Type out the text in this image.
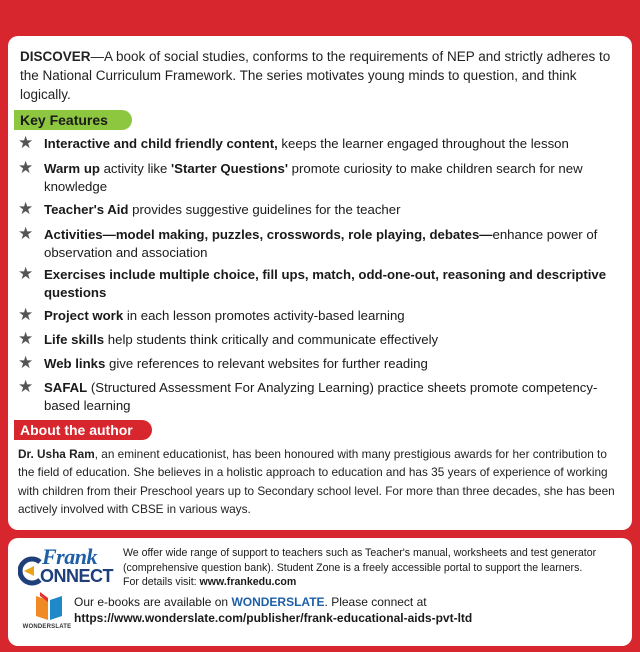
DISCOVER—A book of social studies, conforms to the requirements of NEP and strictly adheres to the National Curriculum Framework. The series motivates young minds to question, and think logically.
Key Features
★ Interactive and child friendly content, keeps the learner engaged throughout the lesson
★ Warm up activity like 'Starter Questions' promote curiosity to make children search for new knowledge
★ Teacher's Aid provides suggestive guidelines for the teacher
★ Activities—model making, puzzles, crosswords, role playing, debates—enhance power of observation and association
★ Exercises include multiple choice, fill ups, match, odd-one-out, reasoning and descriptive questions
★ Project work in each lesson promotes activity-based learning
★ Life skills help students think critically and communicate effectively
★ Web links give references to relevant websites for further reading
★ SAFAL (Structured Assessment For Analyzing Learning) practice sheets promote competency-based learning
About the author
Dr. Usha Ram, an eminent educationist, has been honoured with many prestigious awards for her contribution to the field of education. She believes in a holistic approach to education and has 35 years of experience of working with children from their Preschool years up to Secondary school level. For more than three decades, she has been actively involved with CBSE in various ways.
Frank
ONNECT
We offer wide range of support to teachers such as Teacher's manual, worksheets and test generator (comprehensive question bank). Student Zone is a freely accessible portal to support the learners.
For details visit: www.frankedu.com
WONDERSLATE
Our e-books are available on WONDERSLATE. Please connect at
https://www.wonderslate.com/publisher/frank-educational-aids-pvt-ltd
